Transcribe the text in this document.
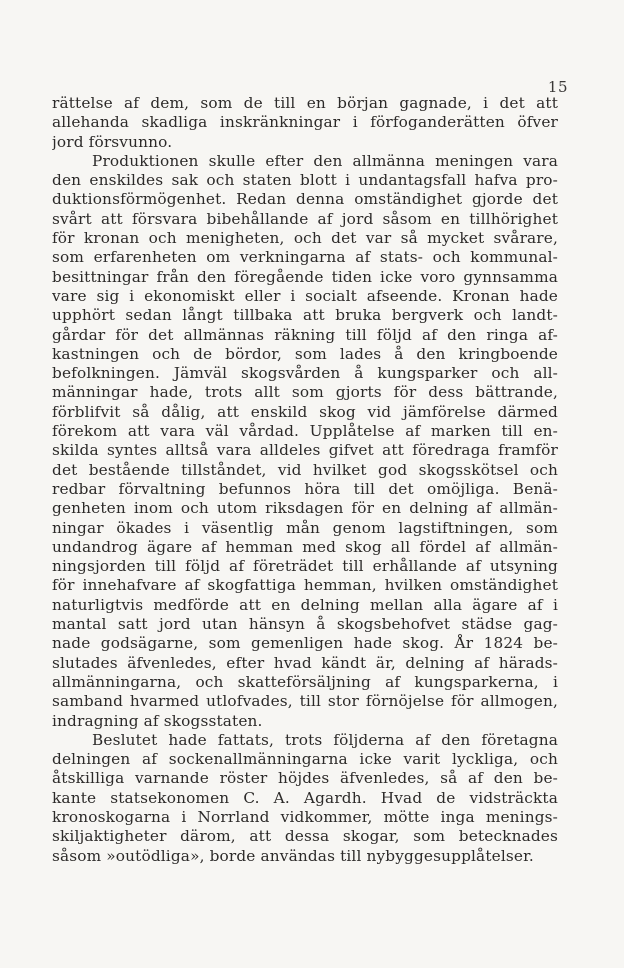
15
rättelse af dem, som de till en början gagnade, i det att
allehanda skadliga inskränkningar i förfoganderätten öfver
jord försvunno.
Produktionen skulle efter den allmänna meningen vara
den enskildes sak och staten blott i undantagsfall hafva pro-
duktionsförmögenhet. Redan denna omständighet gjorde det
svårt att försvara bibehållande af jord såsom en tillhörighet
för kronan och menigheten, och det var så mycket svårare,
som erfarenheten om verkningarna af stats- och kommunal-
besittningar från den föregående tiden icke voro gynnsamma
vare sig i ekonomiskt eller i socialt afseende. Kronan hade
upphört sedan långt tillbaka att bruka bergverk och landt-
gårdar för det allmännas räkning till följd af den ringa af-
kastningen och de bördor, som lades å den kringboende
befolkningen. Jämväl skogsvården å kungsparker och all-
männingar hade, trots allt som gjorts för dess bättrande,
förblifvit så dålig, att enskild skog vid jämförelse därmed
förekom att vara väl vårdad. Upplåtelse af marken till en-
skilda syntes alltså vara alldeles gifvet att föredraga framför
det bestående tillståndet, vid hvilket god skogsskötsel och
redbar förvaltning befunnos höra till det omöjliga. Benä-
genheten inom och utom riksdagen för en delning af allmän-
ningar ökades i väsentlig mån genom lagstiftningen, som
undandrog ägare af hemman med skog all fördel af allmän-
ningsjorden till följd af företrädet till erhållande af utsyning
för innehafvare af skogfattiga hemman, hvilken omständighet
naturligtvis medförde att en delning mellan alla ägare af i
mantal satt jord utan hänsyn å skogsbehofvet städse gag-
nade godsägarne, som gemenligen hade skog. År 1824 be-
slutades äfvenledes, efter hvad kändt är, delning af härads-
allmänningarna, och skatteförsäljning af kungsparkerna, i
samband hvarmed utlofvades, till stor förnöjelse för allmogen,
indragning af skogsstaten.
Beslutet hade fattats, trots följderna af den företagna
delningen af sockenallmänningarna icke varit lyckliga, och
åtskilliga varnande röster höjdes äfvenledes, så af den be-
kante statsekonomen C. A. Agardh. Hvad de vidsträckta
kronoskogarna i Norrland vidkommer, mötte inga menings-
skiljaktigheter därom, att dessa skogar, som betecknades
såsom »outödliga», borde användas till nybyggesupplåtelser.
